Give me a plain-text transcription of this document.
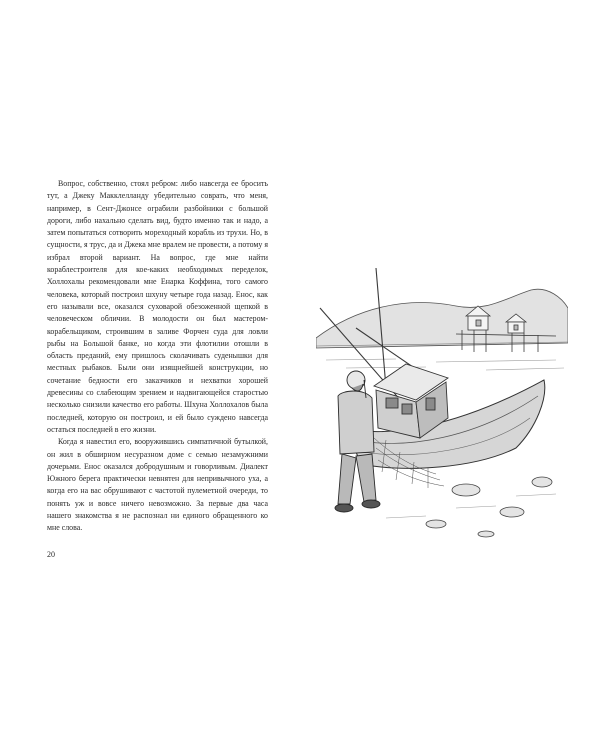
Вопрос, собственно, стоял ребром: либо навсегда ее бросить тут, а Джеку Макклелланду убедительно соврать, что меня, например, в Сент-Джонсе ограбили разбойники с большой дороги, либо нахально сделать вид, будто именно так и надо, а затем попытаться сотворить мореходный корабль из трухи. Но, в сущности, я трус, да и Джека мне вралем не провести, а потому я избрал второй вариант. На вопрос, где мне найти кораблестроителя для кое-каких необходимых переделок, Холлохалы рекомендовали мне Енарка Коффина, того самого человека, который построил шхуну четыре года назад. Енос, как его называли все, оказался суховарой обезоженной щепкой в человеческом обличии. В молодости он был мастером-корабельщиком, строившим в заливе Форчен суда для ловли рыбы на Большой банке, но когда эти флотилии отошли в область преданий, ему пришлось сколачивать суденышки для местных рыбаков. Были они изящнейшей конструкции, но сочетание бедности его заказчиков и нехватки хорошей древесины со слабеющим зрением и надвигающейся старостью несколько снизили качество его работы. Шхуна Холлохалов была последней, которую он построил, и ей было суждено навсегда остаться последней в его жизни.

Когда я навестил его, вооружившись симпатичной бутылкой, он жил в обширном несуразном доме с семью незамужними дочерьми. Енос оказался добродушным и говорливым. Диалект Южного берега практически невнятен для непривычного уха, а когда его на вас обрушивают с частотой пулеметной очереди, то понять уж и вовсе ничего невозможно. За первые два часа нашего знакомства я не распознал ни единого обращенного ко мне слова.

20
